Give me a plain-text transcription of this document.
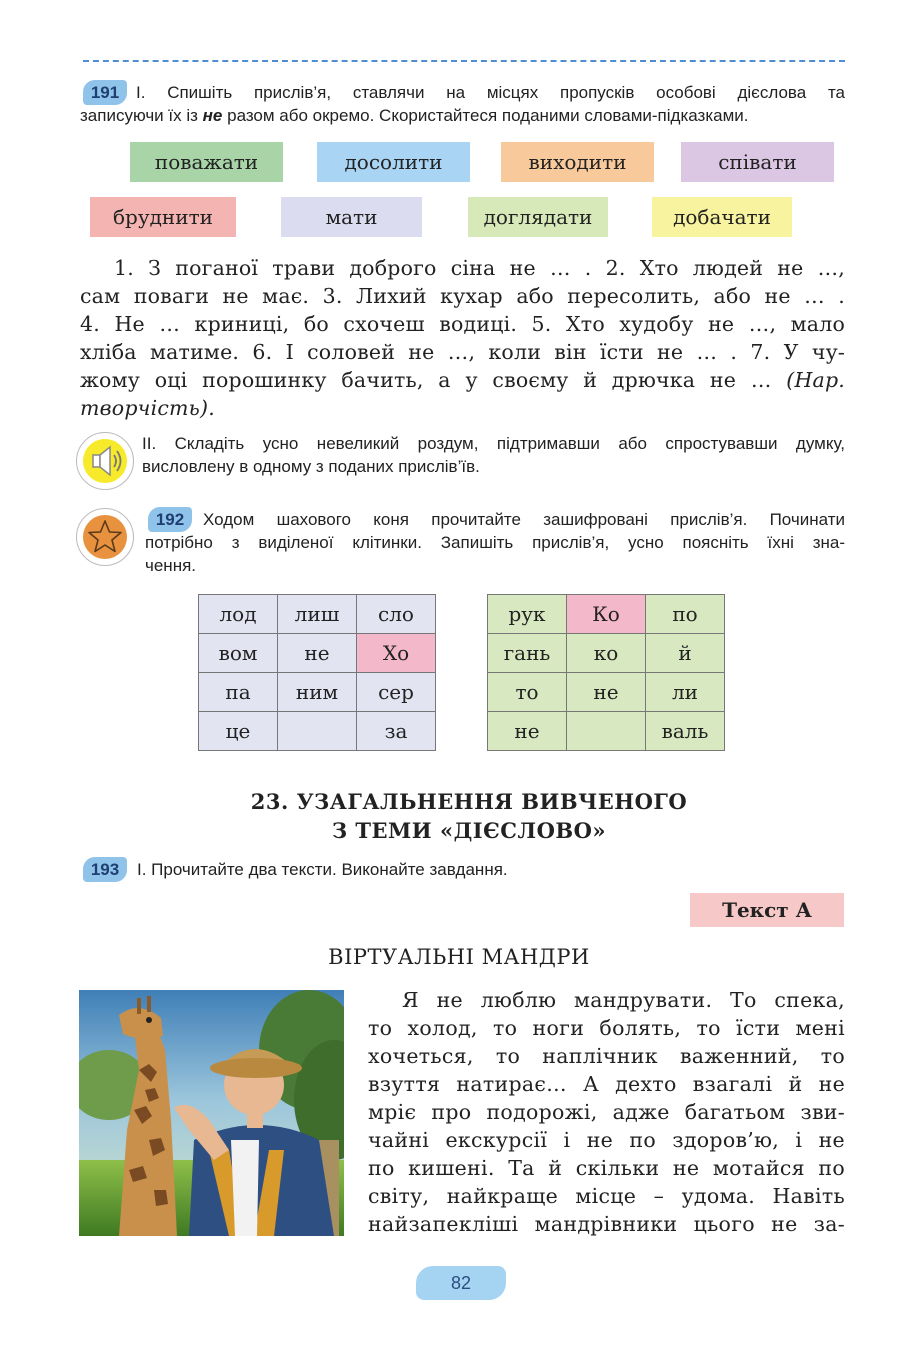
191 I. Спишіть прислів’я, ставлячи на місцях пропусків особові дієслова та
записуючи їх із не разом або окремо. Скористайтеся поданими словами-підказками.
поважати	досолити	виходити	співати
бруднити	мати	доглядати	добачати
1. З поганої трави доброго сіна не … . 2. Хто людей не …,
сам поваги не має. 3. Лихий кухар або пересолить, або не … .
4. Не … криниці, бо схочеш водиці. 5. Хто худобу не …, мало
хліба матиме. 6. І соловей не …, коли він їсти не … . 7. У чу-
жому оці порошинку бачить, а у своєму й дрючка не … (Нар.
творчість).
II. Складіть усно невеликий роздум, підтримавши або спростувавши думку,
висловлену в одному з поданих прислів’їв.
192	Ходом шахового коня прочитайте зашифровані прислів’я. Починати
потрібно з виділеної клітинки. Запишіть прислів’я, усно поясніть їхні зна-
чення.
лод	лиш	сло
вом	не	Хо
па	ним	сер
це		за
рук	Ко	по
гань	ко	й
то	не	ли
не		валь
23. УЗАГАЛЬНЕННЯ ВИВЧЕНОГО
З ТЕМИ «ДІЄСЛОВО»
193	I. Прочитайте два тексти. Виконайте завдання.
Текст А
ВІРТУАЛЬНІ МАНДРИ
Я не люблю мандрувати. То спека,
то холод, то ноги болять, то їсти мені
хочеться, то наплічник важенний, то
взуття натирає… А дехто взагалі й не
мріє про подорожі, адже багатьом зви-
чайні екскурсії і не по здоров’ю, і не
по кишені. Та й скільки не мотайся по
світу, найкраще місце – удома. Навіть
найзапекліші мандрівники цього не за-
82
